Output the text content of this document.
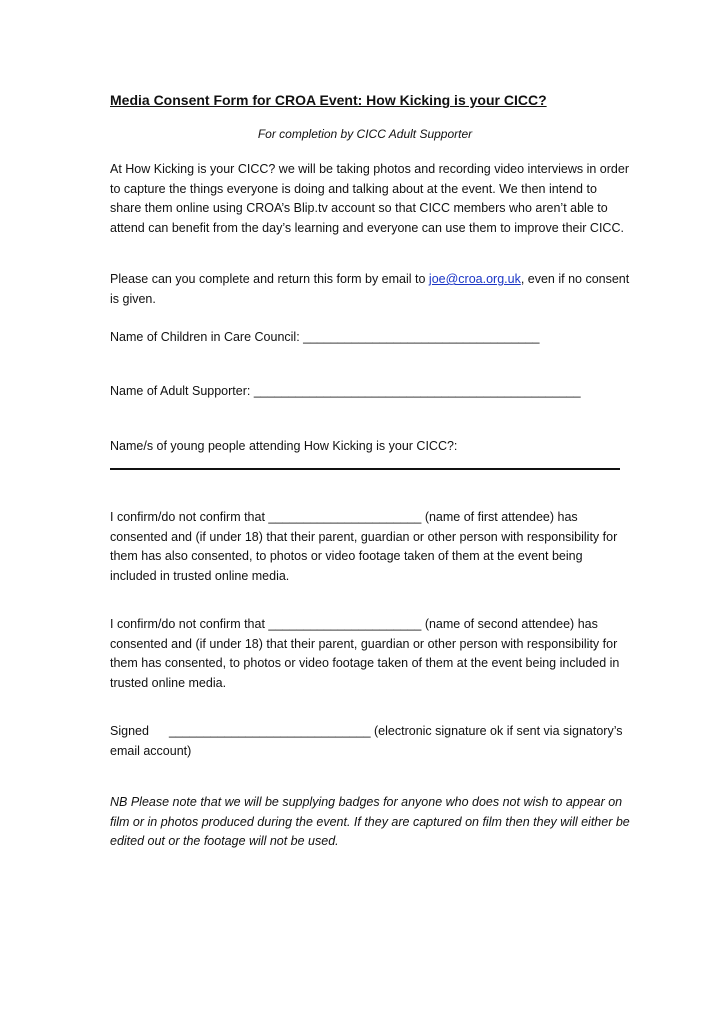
Media Consent Form for CROA Event: How Kicking is your CICC?

For completion by CICC Adult Supporter

At How Kicking is your CICC? we will be taking photos and recording video interviews in order to capture the things everyone is doing and talking about at the event. We then intend to share them online using CROA’s Blip.tv account so that CICC members who aren’t able to attend can benefit from the day’s learning and everyone can use them to improve their CICC.

Please can you complete and return this form by email to joe@croa.org.uk, even if no consent is given.

Name of Children in Care Council: __________________________________

Name of Adult Supporter: _______________________________________________

Name/s of young people attending How Kicking is your CICC?:

I confirm/do not confirm that ______________________ (name of first attendee) has consented and (if under 18) that their parent, guardian or other person with responsibility for them has also consented, to photos or video footage taken of them at the event being included in trusted online media.

I confirm/do not confirm that ______________________ (name of second attendee) has consented and (if under 18) that their parent, guardian or other person with responsibility for them has consented, to photos or video footage taken of them at the event being included in trusted online media.

Signed _____________________________ (electronic signature ok if sent via signatory’s email account)

NB Please note that we will be supplying badges for anyone who does not wish to appear on film or in photos produced during the event. If they are captured on film then they will either be edited out or the footage will not be used.
